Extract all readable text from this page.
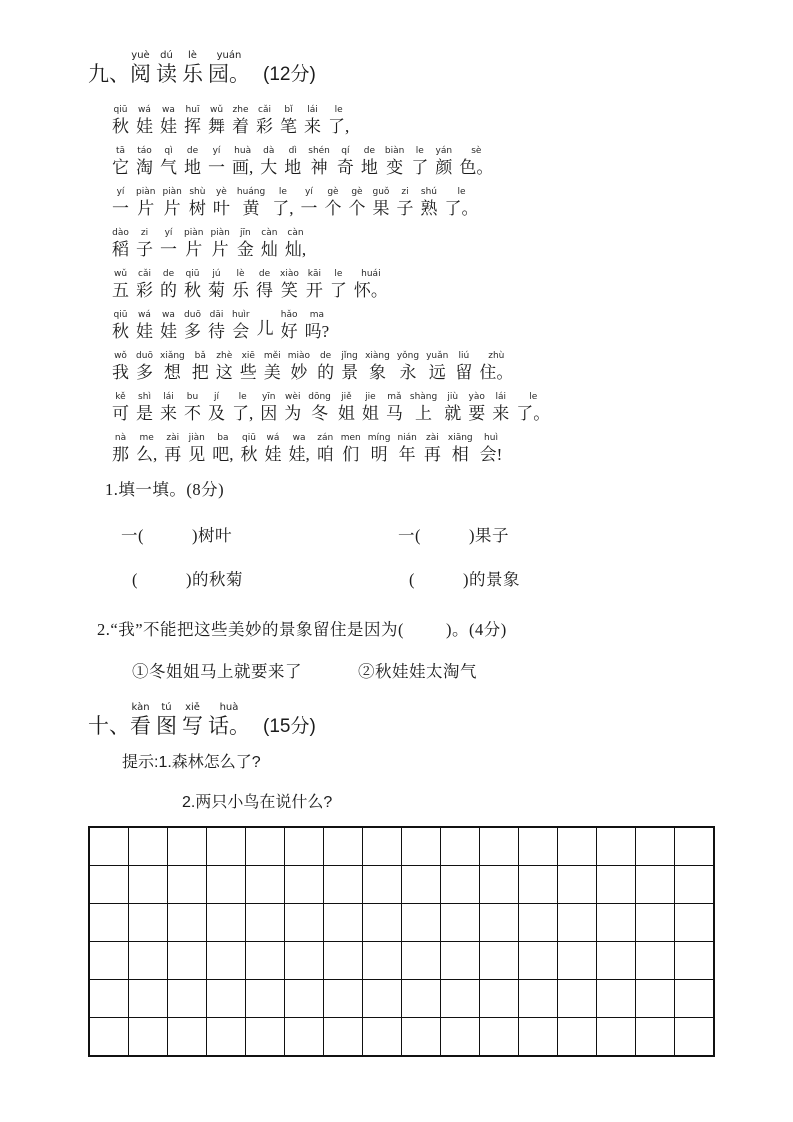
九、
yuè
阅
dú
读
lè
乐
yuán
园。 (12分)
qiū
秋
wá
娃
wa
娃
huī
挥
wǔ
舞
zhe
着
cǎi
彩
bǐ
笔
lái
来
le
了,
tā
它
táo
淘
qì
气
de
地
yí
一
huà
画,
dà
大
dì
地
shén
神
qí
奇
de
地
biàn
变
le
了
yán
颜
sè
色。
yí
一
piàn
片
piàn
片
shù
树
yè
叶
huáng
黄
le
了,
yí
一
gè
个
gè
个
guǒ
果
zi
子
shú
熟
le
了。
dào
稻
zi
子
yí
一
piàn
片
piàn
片
jīn
金
càn
灿
càn
灿,
wǔ
五
cǎi
彩
de
的
qiū
秋
jú
菊
lè
乐
de
得
xiào
笑
kāi
开
le
了
huái
怀。
qiū
秋
wá
娃
wa
娃
duō
多
dāi
待
huìr
会 儿
hǎo
好
ma
吗?
wǒ
我
duō
多
xiǎng
想
bǎ
把
zhè
这
xiē
些
měi
美
miào
妙
de
的
jǐng
景
xiàng
象
yǒng
永
yuǎn
远
liú
留
zhù
住。
kě
可
shì
是
lái
来
bu
不
jí
及
le
了,
yīn
因
wèi
为
dōng
冬
jiě
姐
jie
姐
mǎ
马
shàng
上
jiù
就
yào
要
lái
来
le
了。
nà
那
me
么,
zài
再
jiàn
见
ba
吧,
qiū
秋
wá
娃
wa
娃,
zán
咱
men
们
míng
明
nián
年
zài
再
xiāng
相
huì
会!
1.填一填。(8分)
一(	)树叶	一(	)果子
(	)的秋菊	(	)的景象
2.“我”不能把这些美妙的景象留住是因为(	)。(4分)
①冬姐姐马上就要来了	②秋娃娃太淘气
十、
kàn
看
tú
图
xiě
写
huà
话。 (15分)
提示:1.森林怎么了?
2.两只小鸟在说什么?
